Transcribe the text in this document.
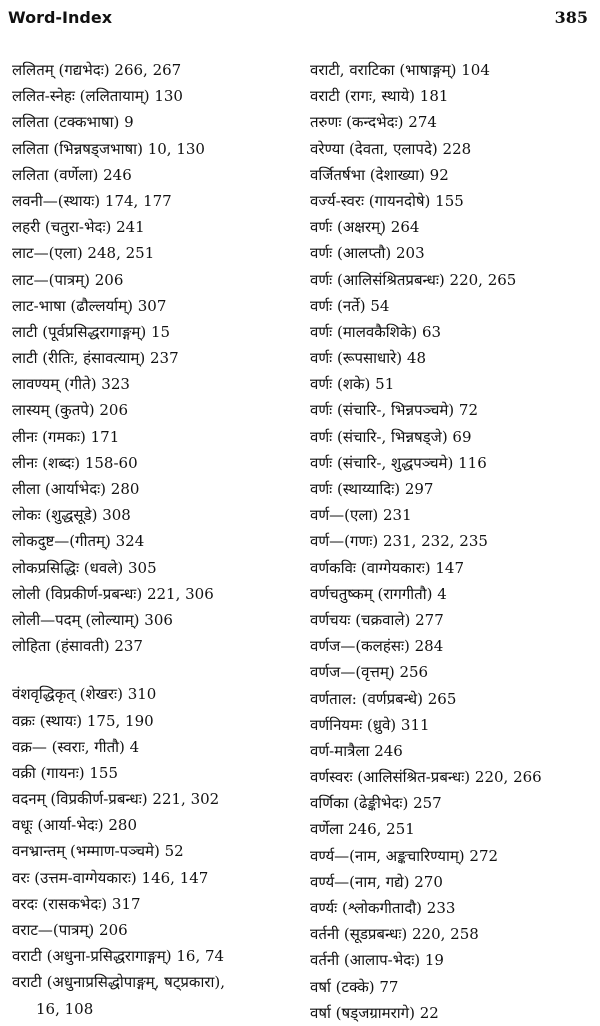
Word-Index	385
ललितम् (गद्यभेदः) 266, 267
ललित-स्नेहः (ललितायाम्) 130
ललिता (टक्कभाषा) 9
ललिता (भिन्नषड्जभाषा) 10, 130
ललिता (वर्णेला) 246
लवनी—(स्थायः) 174, 177
लहरी (चतुरा-भेदः) 241
लाट—(एला) 248, 251
लाट—(पात्रम्) 206
लाट-भाषा (ढौल्लर्याम्) 307
लाटी (पूर्वप्रसिद्धरागाङ्गम्) 15
लाटी (रीतिः, हंसावत्याम्) 237
लावण्यम् (गीते) 323
लास्यम् (कुतपे) 206
लीनः (गमकः) 171
लीनः (शब्दः) 158-60
लीला (आर्याभेदः) 280
लोकः (शुद्धसूडे) 308
लोकदुष्ट—(गीतम्) 324
लोकप्रसिद्धिः (धवले) 305
लोली (विप्रकीर्ण-प्रबन्धः) 221, 306
लोली—पदम् (लोल्याम्) 306
लोहिता (हंसावती) 237
वंशवृद्धिकृत् (शेखरः) 310
वक्रः (स्थायः) 175, 190
वक्र— (स्वराः, गीतौ) 4
वक्री (गायनः) 155
वदनम् (विप्रकीर्ण-प्रबन्धः) 221, 302
वधूः (आर्या-भेदः) 280
वनभ्रान्तम् (भम्माण-पञ्चमे) 52
वरः (उत्तम-वाग्गेयकारः) 146, 147
वरदः (रासकभेदः) 317
वराट—(पात्रम्) 206
वराटी (अधुना-प्रसिद्धरागाङ्गम्) 16, 74
वराटी (अधुनाप्रसिद्धोपाङ्गम्, षट्प्रकारा),
16, 108
वराटी, वराटिका (भाषाङ्गम्) 104
वराटी (रागः, स्थाये) 181
तरुणः (कन्दभेदः) 274
वरेण्या (देवता, एलापदे) 228
वर्जितर्षभा (देशाख्या) 92
वर्ज्य-स्वरः (गायनदोषे) 155
वर्णः (अक्षरम्) 264
वर्णः (आलप्तौ) 203
वर्णः (आलिसंश्रितप्रबन्धः) 220, 265
वर्णः (नर्ते) 54
वर्णः (मालवकैशिके) 63
वर्णः (रूपसाधारे) 48
वर्णः (शके) 51
वर्णः (संचारि-, भिन्नपञ्चमे) 72
वर्णः (संचारि-, भिन्नषड्जे) 69
वर्णः (संचारि-, शुद्धपञ्चमे) 116
वर्णः (स्थाय्यादिः) 297
वर्ण—(एला) 231
वर्ण—(गणः) 231, 232, 235
वर्णकविः (वाग्गेयकारः) 147
वर्णचतुष्कम् (रागगीतौ) 4
वर्णचयः (चक्रवाले) 277
वर्णज—(कलहंसः) 284
वर्णज—(वृत्तम्) 256
वर्णताल: (वर्णप्रबन्धे) 265
वर्णनियमः (ध्रुवे) 311
वर्ण-मात्रैला 246
वर्णस्वरः (आलिसंश्रित-प्रबन्धः) 220, 266
वर्णिका (ढेङ्कीभेदः) 257
वर्णेला 246, 251
वर्ण्य—(नाम, अङ्कचारिण्याम्) 272
वर्ण्य—(नाम, गद्ये) 270
वर्ण्यः (श्लोकगीतादौ) 233
वर्तनी (सूडप्रबन्धः) 220, 258
वर्तनी (आलाप-भेदः) 19
वर्षा (टक्के) 77
वर्षा (षड्जग्रामरागे) 22
